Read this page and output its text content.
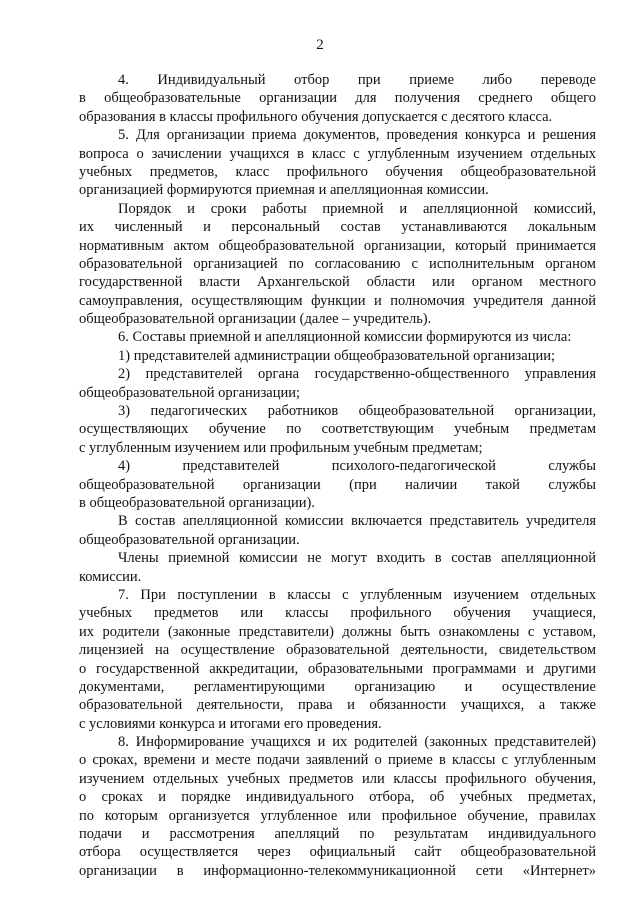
2
4. Индивидуальный отбор при приеме либо переводе
в общеобразовательные организации для получения среднего общего
образования в классы профильного обучения допускается с десятого класса.
5. Для организации приема документов, проведения конкурса и решения
вопроса о зачислении учащихся в класс с углубленным изучением отдельных
учебных предметов, класс профильного обучения общеобразовательной
организацией формируются приемная и апелляционная комиссии.
Порядок и сроки работы приемной и апелляционной комиссий,
их численный и персональный состав устанавливаются локальным
нормативным актом общеобразовательной организации, который принимается
образовательной организацией по согласованию с исполнительным органом
государственной власти Архангельской области или органом местного
самоуправления, осуществляющим функции и полномочия учредителя данной
общеобразовательной организации (далее – учредитель).
6. Составы приемной и апелляционной комиссии формируются из числа:
1) представителей администрации общеобразовательной организации;
2) представителей органа государственно-общественного управления
общеобразовательной организации;
3) педагогических работников общеобразовательной организации,
осуществляющих обучение по соответствующим учебным предметам
с углубленным изучением или профильным учебным предметам;
4) представителей психолого-педагогической службы
общеобразовательной организации (при наличии такой службы
в общеобразовательной организации).
В состав апелляционной комиссии включается представитель учредителя
общеобразовательной организации.
Члены приемной комиссии не могут входить в состав апелляционной
комиссии.
7. При поступлении в классы с углубленным изучением отдельных
учебных предметов или классы профильного обучения учащиеся,
их родители (законные представители) должны быть ознакомлены с уставом,
лицензией на осуществление образовательной деятельности, свидетельством
о государственной аккредитации, образовательными программами и другими
документами, регламентирующими организацию и осуществление
образовательной деятельности, права и обязанности учащихся, а также
с условиями конкурса и итогами его проведения.
8. Информирование учащихся и их родителей (законных представителей)
о сроках, времени и месте подачи заявлений о приеме в классы с углубленным
изучением отдельных учебных предметов или классы профильного обучения,
о сроках и порядке индивидуального отбора, об учебных предметах,
по которым организуется углубленное или профильное обучение, правилах
подачи и рассмотрения апелляций по результатам индивидуального
отбора осуществляется через официальный сайт общеобразовательной
организации в информационно-телекоммуникационной сети «Интернет»
